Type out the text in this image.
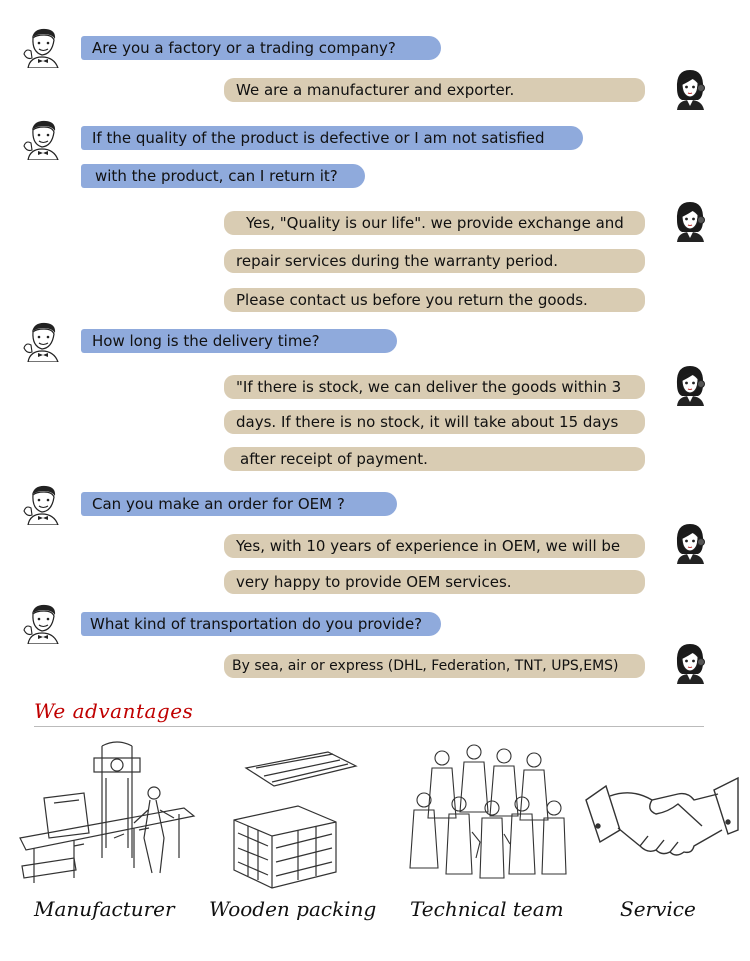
Are you a factory or a trading company?
We are a manufacturer and exporter.
If the quality of the product is defective or I am not satisfied
with the product, can I return it?
Yes, "Quality is our life". we provide exchange and
repair services during the warranty period.
Please contact us before you return the goods.
How long is the delivery time?
"If there is stock, we can deliver the goods within 3
days. If there is no stock, it will take about 15 days
after receipt of payment.
Can you make an order for OEM ?
Yes, with 10 years of experience in OEM, we will be
very happy to provide OEM services.
What kind of transportation do you provide?
By sea, air or express (DHL, Federation, TNT, UPS,EMS)
We advantages
Manufacturer Wooden packing Technical team	Service
